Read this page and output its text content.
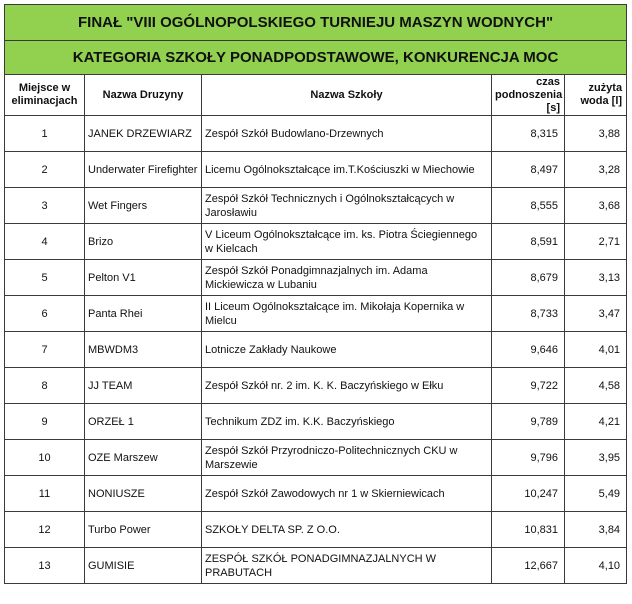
FINAŁ "VIII OGÓLNOPOLSKIEGO TURNIEJU MASZYN WODNYCH"				
KATEGORIA SZKOŁY PONADPODSTAWOWE, KONKURENCJA MOC				
Miejsce w eliminacjach	Nazwa Druzyny	Nazwa Szkoły	czas podnoszenia [s]	zużyta woda [l]
1	JANEK DRZEWIARZ	Zespół Szkół Budowlano-Drzewnych	8,315	3,88
2	Underwater Firefighter	Licemu Ogólnokształcące im.T.Kościuszki w Miechowie	8,497	3,28
3	Wet Fingers	Zespół Szkół Technicznych i Ogólnokształcących w Jarosławiu	8,555	3,68
4	Brizo	V Liceum Ogólnokształcące im. ks. Piotra Ściegiennego w Kielcach	8,591	2,71
5	Pelton V1	Zespół Szkół Ponadgimnazjalnych im. Adama Mickiewicza w Lubaniu	8,679	3,13
6	Panta Rhei	II Liceum Ogólnokształcące im. Mikołaja Kopernika w Mielcu	8,733	3,47
7	MBWDM3	Lotnicze Zakłady Naukowe	9,646	4,01
8	JJ TEAM	Zespół Szkół nr. 2 im. K. K. Baczyńskiego w Ełku	9,722	4,58
9	ORZEŁ 1	Technikum ZDZ im. K.K. Baczyńskiego	9,789	4,21
10	OZE Marszew	Zespół Szkół Przyrodniczo-Politechnicznych CKU w Marszewie	9,796	3,95
11	NONIUSZE	Zespół Szkół Zawodowych nr 1 w Skierniewicach	10,247	5,49
12	Turbo Power	SZKOŁY DELTA SP. Z O.O.	10,831	3,84
13	GUMISIE	ZESPÓŁ SZKÓŁ PONADGIMNAZJALNYCH W PRABUTACH	12,667	4,10
